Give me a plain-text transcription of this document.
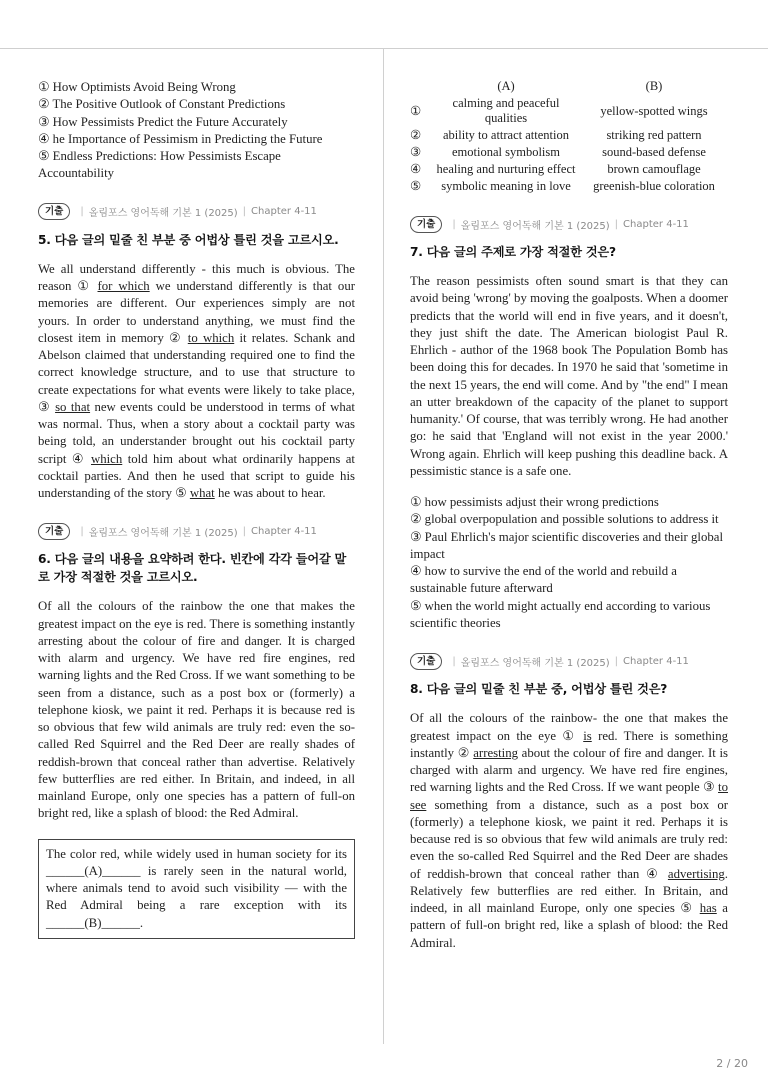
① How Optimists Avoid Being Wrong
② The Positive Outlook of Constant Predictions
③ How Pessimists Predict the Future Accurately
④ he Importance of Pessimism in Predicting the Future
⑤ Endless Predictions: How Pessimists Escape Accountability
기출	| 올림포스 영어독해 기본 1 (2025) | Chapter 4-11
5. 다음 글의 밑줄 친 부분 중 어법상 틀린 것을 고르시오.
We all understand differently - this much is obvious. The reason ① for which we understand differently is that our memories are different. Our experiences simply are not yours. In order to understand anything, we must find the closest item in memory ② to which it relates. Schank and Abelson claimed that understanding required one to find the correct knowledge structure, and to use that structure to create expectations for what events were likely to take place, ③ so that new events could be understood in terms of what was normal. Thus, when a story about a cocktail party was being told, an understander brought out his cocktail party script ④ which told him about what ordinarily happens at cocktail parties. And then he used that script to guide his understanding of the story ⑤ what he was about to hear.
기출	| 올림포스 영어독해 기본 1 (2025) | Chapter 4-11
6. 다음 글의 내용을 요약하려 한다. 빈칸에 각각 들어갈 말로 가장 적절한 것을 고르시오.
Of all the colours of the rainbow the one that makes the greatest impact on the eye is red. There is something instantly arresting about the colour of fire and danger. It is charged with alarm and urgency. We have red fire engines, red warning lights and the Red Cross. If we want something to be seen from a distance, such as a post box or (formerly) a telephone kiosk, we paint it red. Perhaps it is because red is so obvious that few wild animals are truly red: even the so-called Red Squirrel and the Red Deer are really shades of reddish-brown that conceal rather than advertise. Relatively few butterflies are red either. In Britain, and indeed, in all mainland Europe, only one species has a pattern of full-on bright red, like a splash of blood: the Red Admiral.
The color red, while widely used in human society for its ______(A)______ is rarely seen in the natural world, where animals tend to avoid such visibility — with the Red Admiral being a rare exception with its ______(B)______.
	(A)	(B)
①	calming and peaceful qualities	yellow-spotted wings
②	ability to attract attention	striking red pattern
③	emotional symbolism	sound-based defense
④	healing and nurturing effect	brown camouflage
⑤	symbolic meaning in love	greenish-blue coloration
기출	| 올림포스 영어독해 기본 1 (2025) | Chapter 4-11
7. 다음 글의 주제로 가장 적절한 것은?
The reason pessimists often sound smart is that they can avoid being 'wrong' by moving the goalposts. When a doomer predicts that the world will end in five years, and it doesn't, they just shift the date. The American biologist Paul R. Ehrlich - author of the 1968 book The Population Bomb has been doing this for decades. In 1970 he said that 'sometime in the next 15 years, the end will come. And by "the end" I mean an utter breakdown of the capacity of the planet to support humanity.' Of course, that was terribly wrong. He had another go: he said that 'England will not exist in the year 2000.' Wrong again. Ehrlich will keep pushing this deadline back. A pessimistic stance is a safe one.
① how pessimists adjust their wrong predictions
② global overpopulation and possible solutions to address it
③ Paul Ehrlich's major scientific discoveries and their global impact
④ how to survive the end of the world and rebuild a sustainable future afterward
⑤ when the world might actually end according to various scientific theories
기출	| 올림포스 영어독해 기본 1 (2025) | Chapter 4-11
8. 다음 글의 밑줄 친 부분 중, 어법상 틀린 것은?
Of all the colours of the rainbow- the one that makes the greatest impact on the eye ① is red. There is something instantly ② arresting about the colour of fire and danger. It is charged with alarm and urgency. We have red fire engines, red warning lights and the Red Cross. If we want people ③ to see something from a distance, such as a post box or (formerly) a telephone kiosk, we paint it red. Perhaps it is because red is so obvious that few wild animals are truly red: even the so-called Red Squirrel and the Red Deer are shades of reddish-brown that conceal rather than ④ advertising. Relatively few butterflies are red either. In Britain, and indeed, in all mainland Europe, only one species ⑤ has a pattern of full-on bright red, like a splash of blood: the Red Admiral.
2 / 20
